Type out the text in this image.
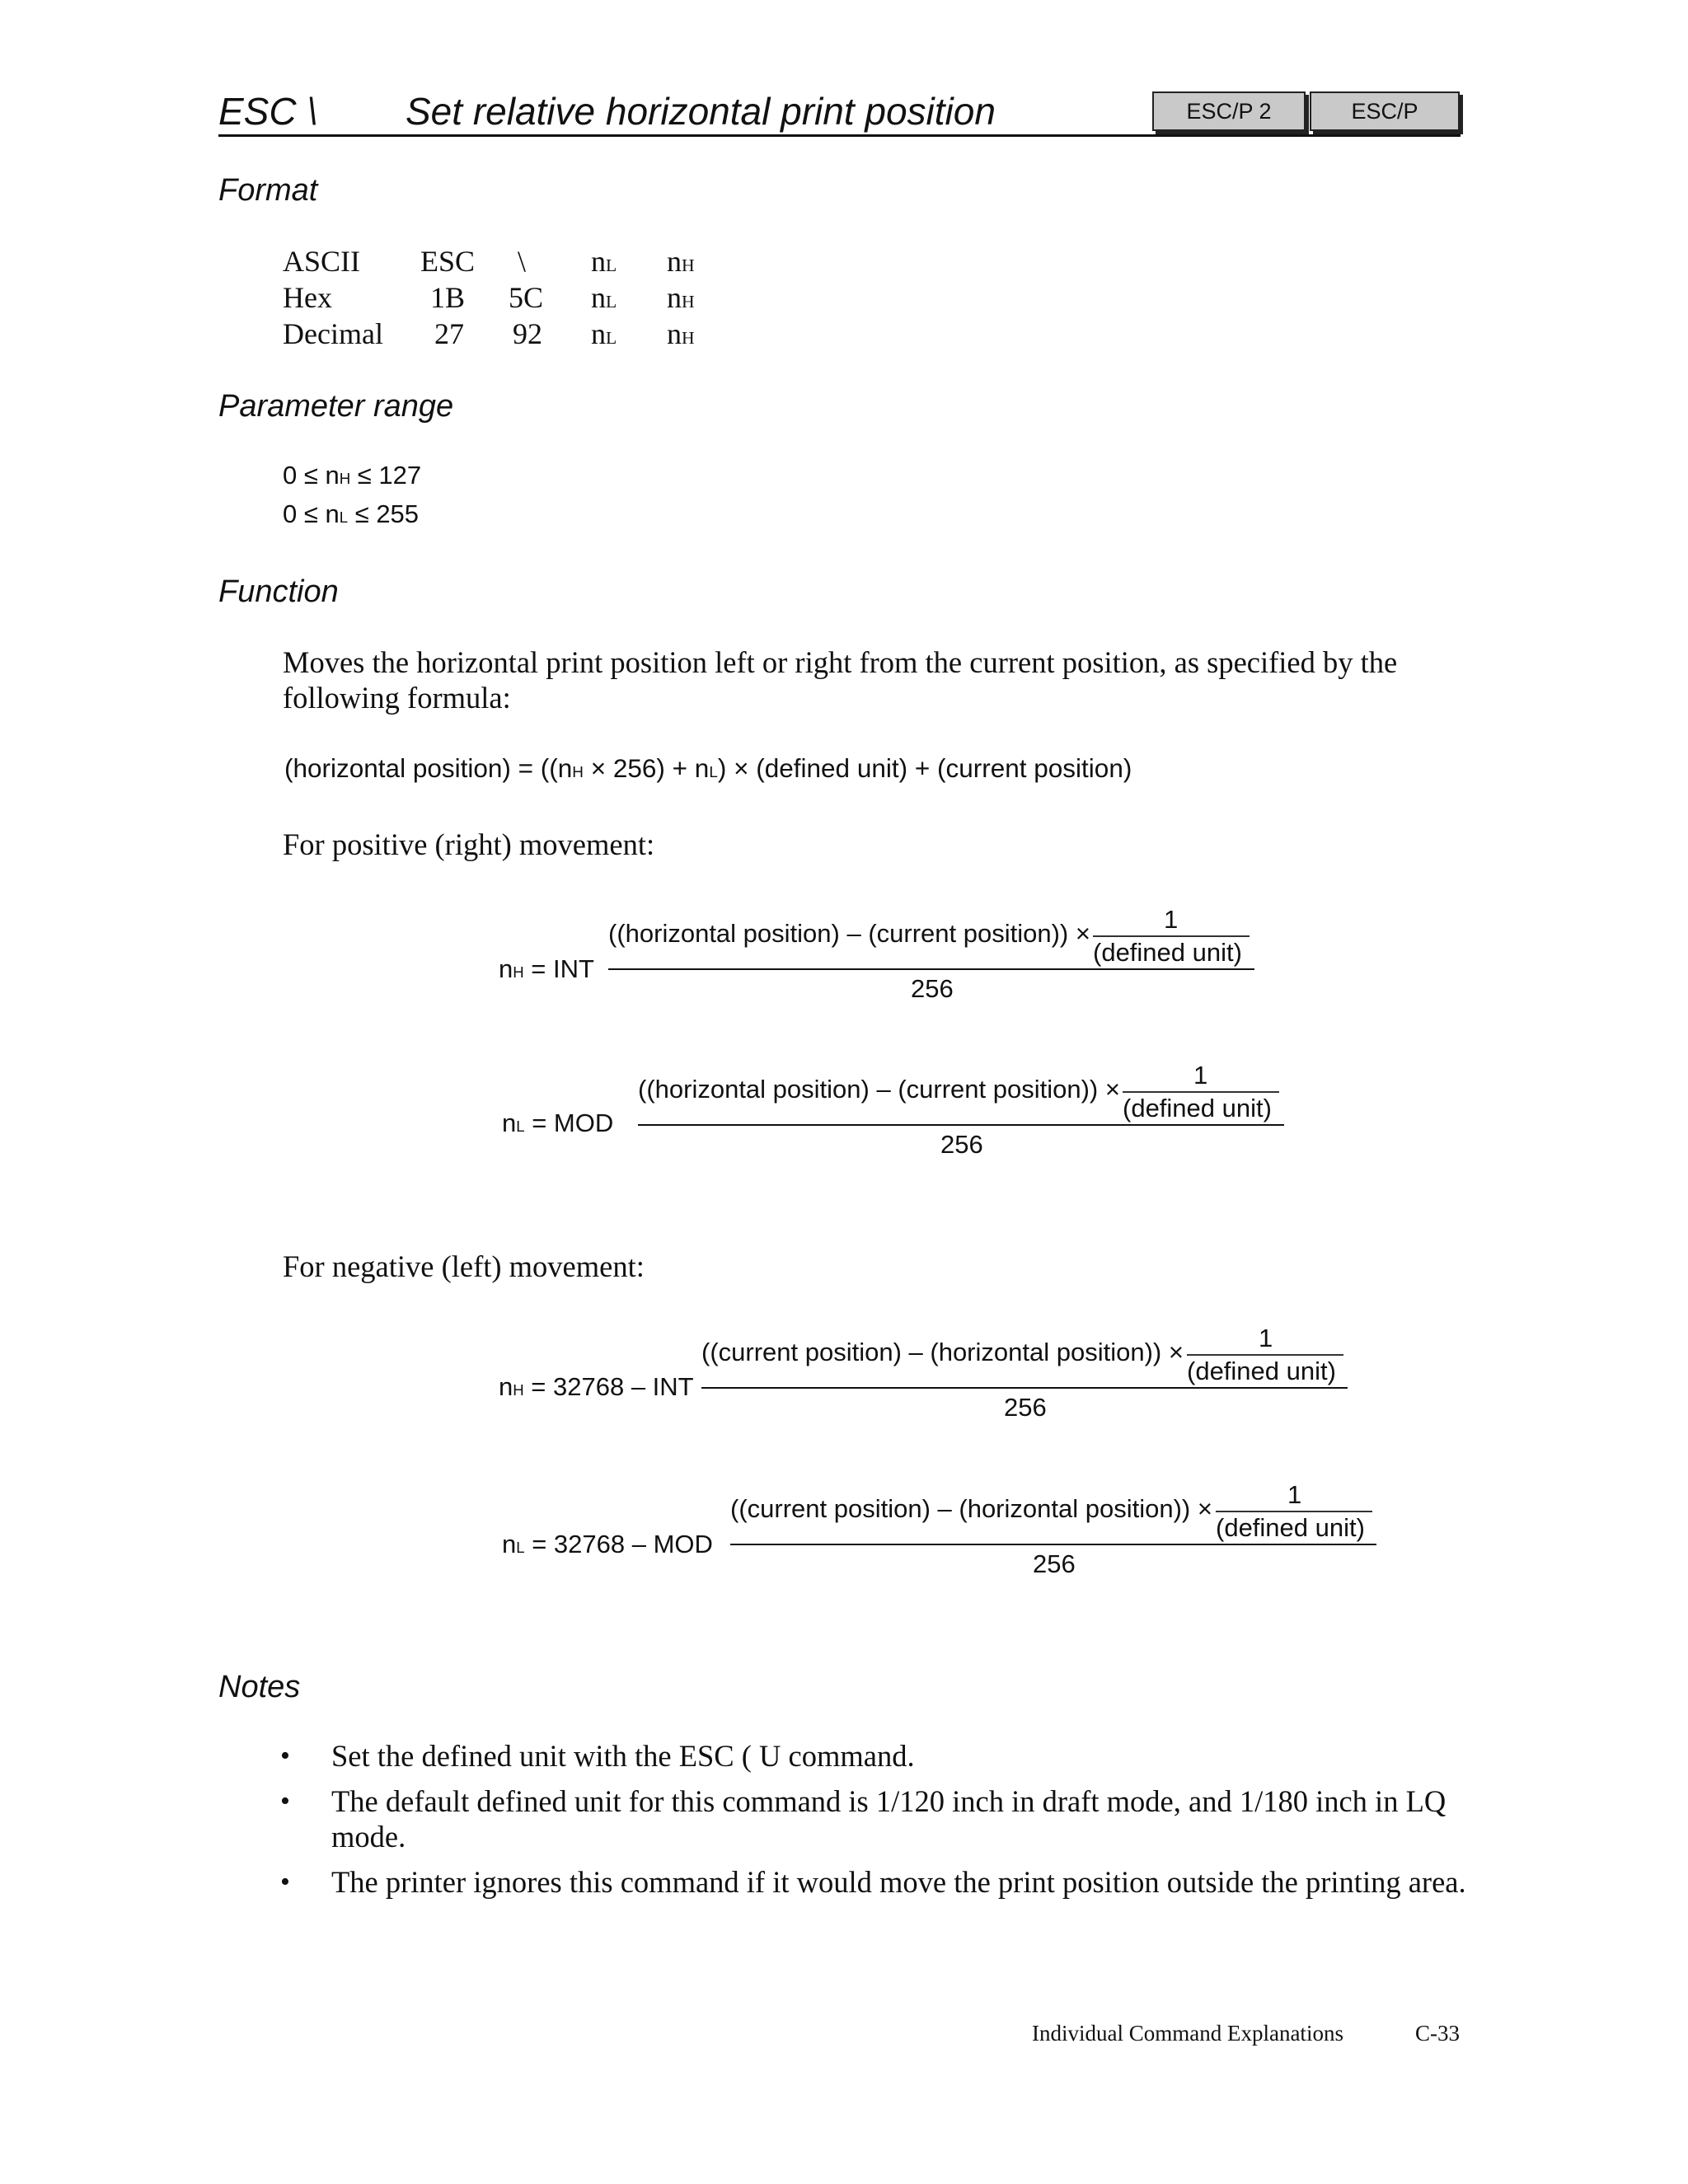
ESC \ Set relative horizontal print position	ESC/P 2	ESC/P
Format
ASCII ESC \ nL nH
Hex	1B 5C nL nH
Decimal 27 92 nL nH
Parameter range
0 ≤ nH ≤ 127
0 ≤ nL ≤ 255
Function
Moves the horizontal print position left or right from the current position, as specified by the following formula:
(horizontal position) = ((nH × 256) + nL) × (defined unit) + (current position)
For positive (right) movement:
nH = INT
((horizontal position) – (current position)) ×	1
(defined unit)
256
nL = MOD
((horizontal position) – (current position)) ×	1
(defined unit)
256
For negative (left) movement:
nH = 32768 – INT
((current position) – (horizontal position)) ×	1
(defined unit)
256
nL = 32768 – MOD
((current position) – (horizontal position)) ×	1
(defined unit)
256
Notes
• Set the defined unit with the ESC ( U command.
• The default defined unit for this command is 1/120 inch in draft mode, and 1/180 inch in LQ mode.
• The printer ignores this command if it would move the print position outside the printing area.
Individual Command Explanations	C-33
